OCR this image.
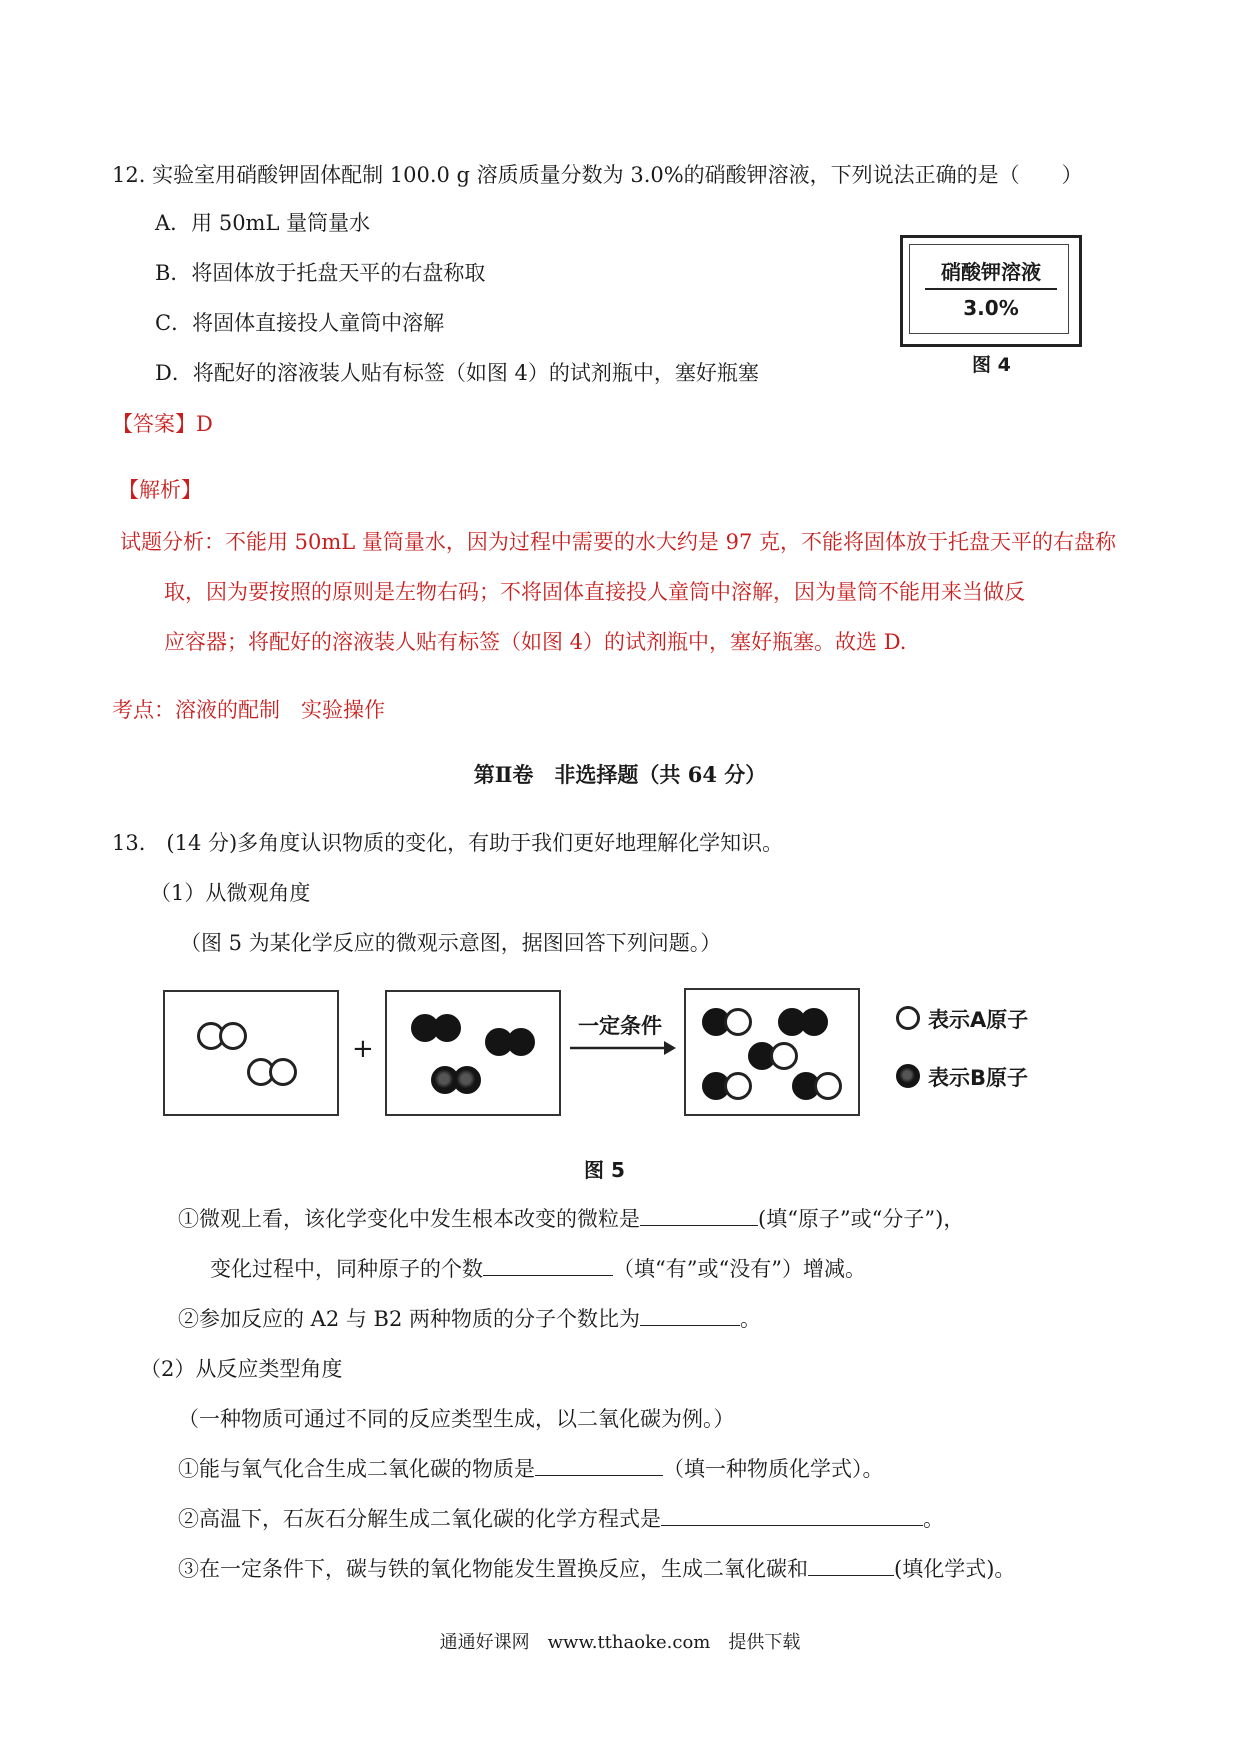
12. 实验室用硝酸钾固体配制 100.0 g 溶质质量分数为 3.0%的硝酸钾溶液，下列说法正确的是（　　）
A．用 50mL 量筒量水
B．将固体放于托盘天平的右盘称取
C．将固体直接投人童筒中溶解
D．将配好的溶液装人贴有标签（如图 4）的试剂瓶中，塞好瓶塞
硝酸钾溶液
3.0%
图 4
【答案】D
【解析】
试题分析：不能用 50mL 量筒量水，因为过程中需要的水大约是 97 克，不能将固体放于托盘天平的右盘称
取，因为要按照的原则是左物右码；不将固体直接投人童筒中溶解，因为量筒不能用来当做反
应容器；将配好的溶液装人贴有标签（如图 4）的试剂瓶中，塞好瓶塞。故选 D.
考点：溶液的配制　实验操作
第Ⅱ卷　非选择题（共 64 分）
13.　(14 分)多角度认识物质的变化，有助于我们更好地理解化学知识。
（1）从微观角度
（图 5 为某化学反应的微观示意图，据图回答下列问题。）
+
一定条件	表示A原子
表示B原子
图 5
①微观上看，该化学变化中发生根本改变的微粒是	(填“原子”或“分子”)，
变化过程中，同种原子的个数	（填“有”或“没有”）增减。
②参加反应的 A2 与 B2 两种物质的分子个数比为	。
（2）从反应类型角度
（一种物质可通过不同的反应类型生成，以二氧化碳为例。）
①能与氧气化合生成二氧化碳的物质是	（填一种物质化学式）。
②高温下，石灰石分解生成二氧化碳的化学方程式是	。
③在一定条件下，碳与铁的氧化物能发生置换反应，生成二氧化碳和	(填化学式)。
通通好课网　www.tthaoke.com　提供下载
